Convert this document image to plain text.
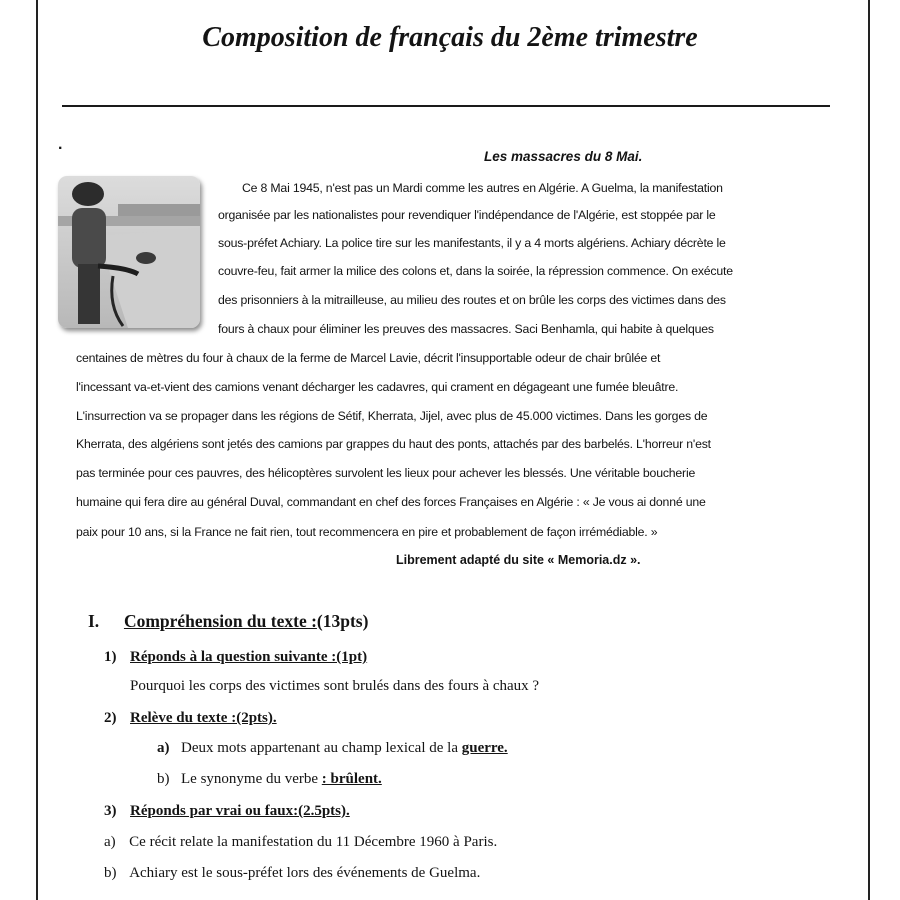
Composition de français du 2ème trimestre
.
Les massacres du 8 Mai.
Ce 8 Mai 1945, n'est pas un Mardi comme les autres en Algérie. A Guelma, la manifestation
organisée par les nationalistes pour revendiquer l'indépendance de l'Algérie, est stoppée par le
sous-préfet Achiary. La police tire sur les manifestants, il y a 4 morts algériens. Achiary décrète le
couvre-feu, fait armer la milice des colons et, dans la soirée, la répression commence. On exécute
des prisonniers à la mitrailleuse, au milieu des routes et on brûle les corps des victimes dans des
fours à chaux pour éliminer les preuves des massacres. Saci Benhamla, qui habite à quelques
centaines de mètres du four à chaux de la ferme de Marcel Lavie, décrit l'insupportable odeur de chair brûlée et
l'incessant va-et-vient des camions venant décharger les cadavres, qui crament en dégageant une fumée bleuâtre.
L'insurrection va se propager dans les régions de Sétif, Kherrata, Jijel, avec plus de 45.000 victimes. Dans les gorges de
Kherrata, des algériens sont jetés des camions par grappes du haut des ponts, attachés par des barbelés. L'horreur n'est
pas terminée pour ces pauvres, des hélicoptères survolent les lieux pour achever les blessés. Une véritable boucherie
humaine qui fera dire au général Duval, commandant en chef des forces Françaises en Algérie : « Je vous ai donné une
paix pour 10 ans, si la France ne fait rien, tout recommencera en pire et probablement de façon irrémédiable. »
Librement adapté du site « Memoria.dz ».
I. Compréhension du texte :(13pts)
1) Réponds à la question suivante :(1pt)
Pourquoi les corps des victimes sont brulés dans des fours à chaux ?
2) Relève du texte :(2pts).
a) Deux mots appartenant au champ lexical de la guerre.
b) Le synonyme du verbe : brûlent.
3) Réponds par vrai ou faux:(2.5pts).
a) Ce récit relate la manifestation du 11 Décembre 1960 à Paris.
b) Achiary est le sous-préfet lors des événements de Guelma.
